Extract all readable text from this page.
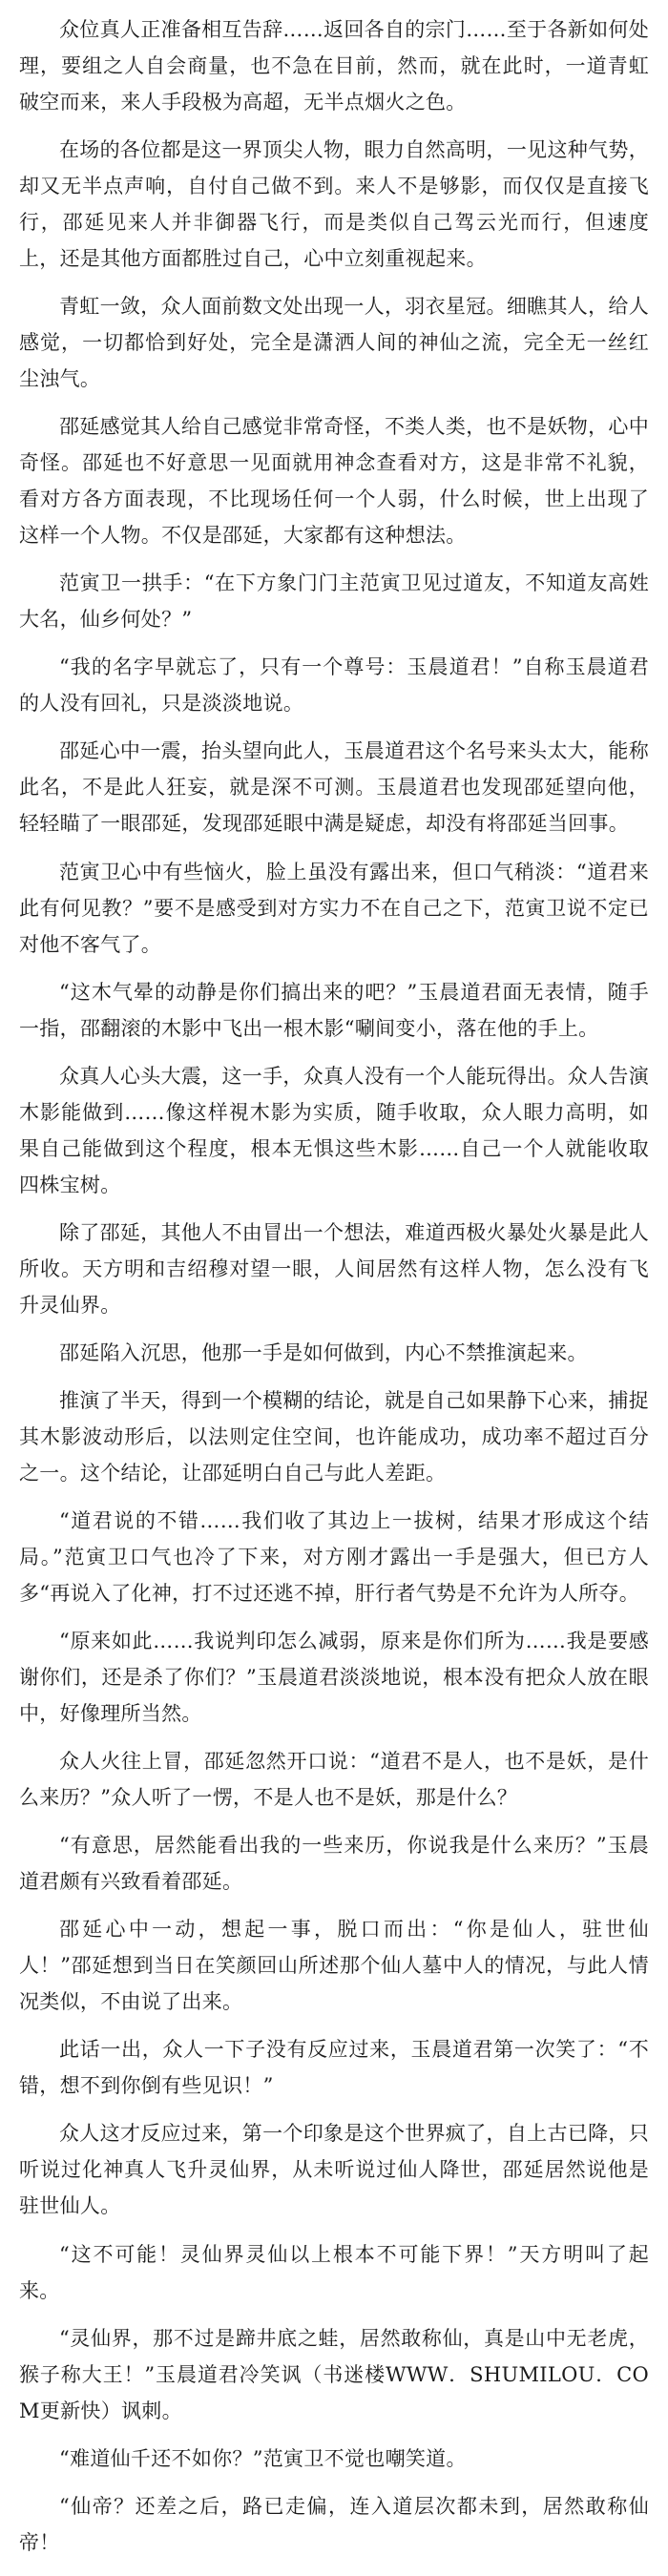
众位真人正准备相互告辞……返回各自的宗门……至于各新如何处理，要组之人自会商量，也不急在目前，然而，就在此时，一道青虹破空而来，来人手段极为高超，无半点烟火之色。

在场的各位都是这一界顶尖人物，眼力自然高明，一见这种气势，却又无半点声响，自付自己做不到。来人不是够影，而仅仅是直接飞行，邵延见来人并非御器飞行，而是类似自己驾云光而行，但速度上，还是其他方面都胜过自己，心中立刻重视起来。

青虹一敛，众人面前数文处出现一人，羽衣星冠。细瞧其人，给人感觉，一切都恰到好处，完全是潇洒人间的神仙之流，完全无一丝红尘浊气。

邵延感觉其人给自己感觉非常奇怪，不类人类，也不是妖物，心中奇怪。邵延也不好意思一见面就用神念查看对方，这是非常不礼貌，看对方各方面表现，不比现场任何一个人弱，什么时候，世上出现了这样一个人物。不仅是邵延，大家都有这种想法。

范寅卫一拱手：“在下方象门门主范寅卫见过道友，不知道友高姓大名，仙乡何处？”

“我的名字早就忘了，只有一个尊号：玉晨道君！”自称玉晨道君的人没有回礼，只是淡淡地说。

邵延心中一震，抬头望向此人，玉晨道君这个名号来头太大，能称此名，不是此人狂妄，就是深不可测。玉晨道君也发现邵延望向他，轻轻瞄了一眼邵延，发现邵延眼中满是疑虑，却没有将邵延当回事。

范寅卫心中有些恼火，脸上虽没有露出来，但口气稍淡：“道君来此有何见教？”要不是感受到对方实力不在自己之下，范寅卫说不定已对他不客气了。

“这木气晕的动静是你们搞出来的吧？”玉晨道君面无表情，随手一指，邵翻滚的木影中飞出一根木影“唰间变小，落在他的手上。

众真人心头大震，这一手，众真人没有一个人能玩得出。众人告演木影能做到……像这样視木影为实质，随手收取，众人眼力高明，如果自己能做到这个程度，根本无惧这些木影……自己一个人就能收取四株宝树。

除了邵延，其他人不由冒出一个想法，难道西极火暴处火暴是此人所收。天方明和吉绍穆对望一眼，人间居然有这样人物，怎么没有飞升灵仙界。

邵延陷入沉思，他那一手是如何做到，内心不禁推演起来。

推演了半天，得到一个模糊的结论，就是自己如果静下心来，捕捉其木影波动形后，以法则定住空间，也许能成功，成功率不超过百分之一。这个结论，让邵延明白自己与此人差距。

“道君说的不错……我们收了其边上一拔树，结果才形成这个结局。”范寅卫口气也冷了下来，对方刚才露出一手是强大，但已方人多“再说入了化神，打不过还逃不掉，肝行者气势是不允许为人所夺。

“原来如此……我说判印怎么减弱，原来是你们所为……我是要感谢你们，还是杀了你们？”玉晨道君淡淡地说，根本没有把众人放在眼中，好像理所当然。

众人火往上冒，邵延忽然开口说：“道君不是人，也不是妖，是什么来历？”众人听了一愣，不是人也不是妖，那是什么？

“有意思，居然能看出我的一些来历，你说我是什么来历？”玉晨道君颇有兴致看着邵延。

邵延心中一动，想起一事，脱口而出：“你是仙人，驻世仙人！”邵延想到当日在笑颜回山所述那个仙人墓中人的情况，与此人情况类似，不由说了出来。

此话一出，众人一下子没有反应过来，玉晨道君第一次笑了：“不错，想不到你倒有些见识！”

众人这才反应过来，第一个印象是这个世界疯了，自上古已降，只听说过化神真人飞升灵仙界，从未听说过仙人降世，邵延居然说他是驻世仙人。

“这不可能！灵仙界灵仙以上根本不可能下界！”天方明叫了起来。

“灵仙界，那不过是蹄井底之蛙，居然敢称仙，真是山中无老虎，猴子称大王！”玉晨道君冷笑讽（书迷楼WWW．SHUMILOU．COM更新快）讽刺。

“难道仙千还不如你？”范寅卫不觉也嘲笑道。

“仙帝？还差之后，路已走偏，连入道层次都未到，居然敢称仙帝！
